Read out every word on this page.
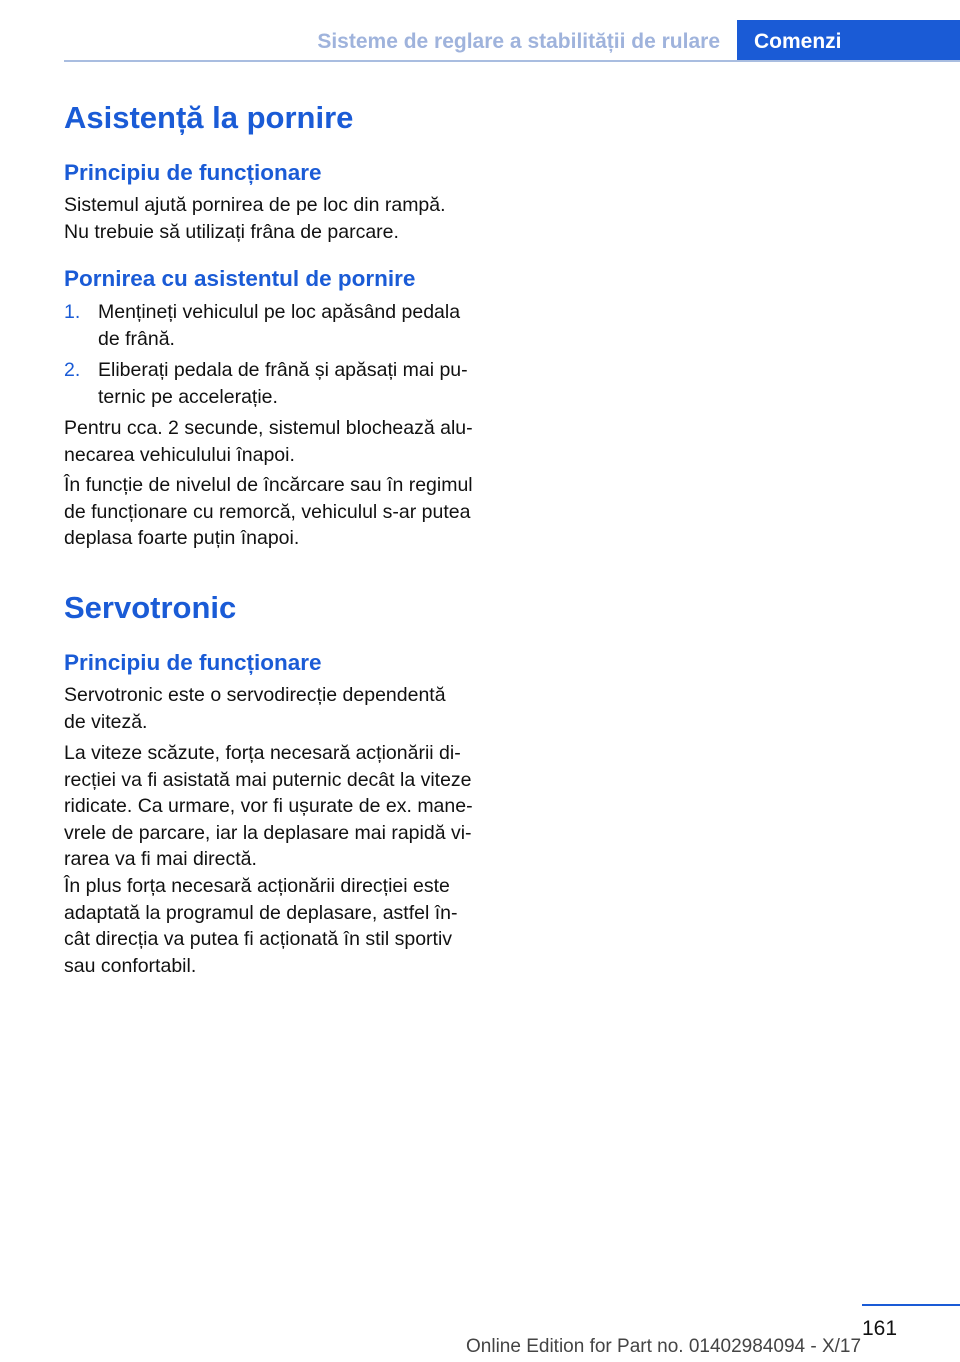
Sisteme de reglare a stabilității de rulare Comenzi
Asistență la pornire
Principiu de funcționare
Sistemul ajută pornirea de pe loc din rampă.
Nu trebuie să utilizați frâna de parcare.
Pornirea cu asistentul de pornire
1. Mențineți vehiculul pe loc apăsând pedala
de frână.
2. Eliberați pedala de frână și apăsați mai pu‐
ternic pe accelerație.
Pentru cca. 2 secunde, sistemul blochează alu‐
necarea vehiculului înapoi.
În funcție de nivelul de încărcare sau în regimul
de funcționare cu remorcă, vehiculul s-ar putea
deplasa foarte puțin înapoi.
Servotronic
Principiu de funcționare
Servotronic este o servodirecție dependentă
de viteză.
La viteze scăzute, forța necesară acționării di‐
recției va fi asistată mai puternic decât la viteze
ridicate. Ca urmare, vor fi ușurate de ex. mane‐
vrele de parcare, iar la deplasare mai rapidă vi‐
rarea va fi mai directă.
În plus forța necesară acționării direcției este
adaptată la programul de deplasare, astfel în‐
cât direcția va putea fi acționată în stil sportiv
sau confortabil.
161
Online Edition for Part no. 01402984094 - X/17
